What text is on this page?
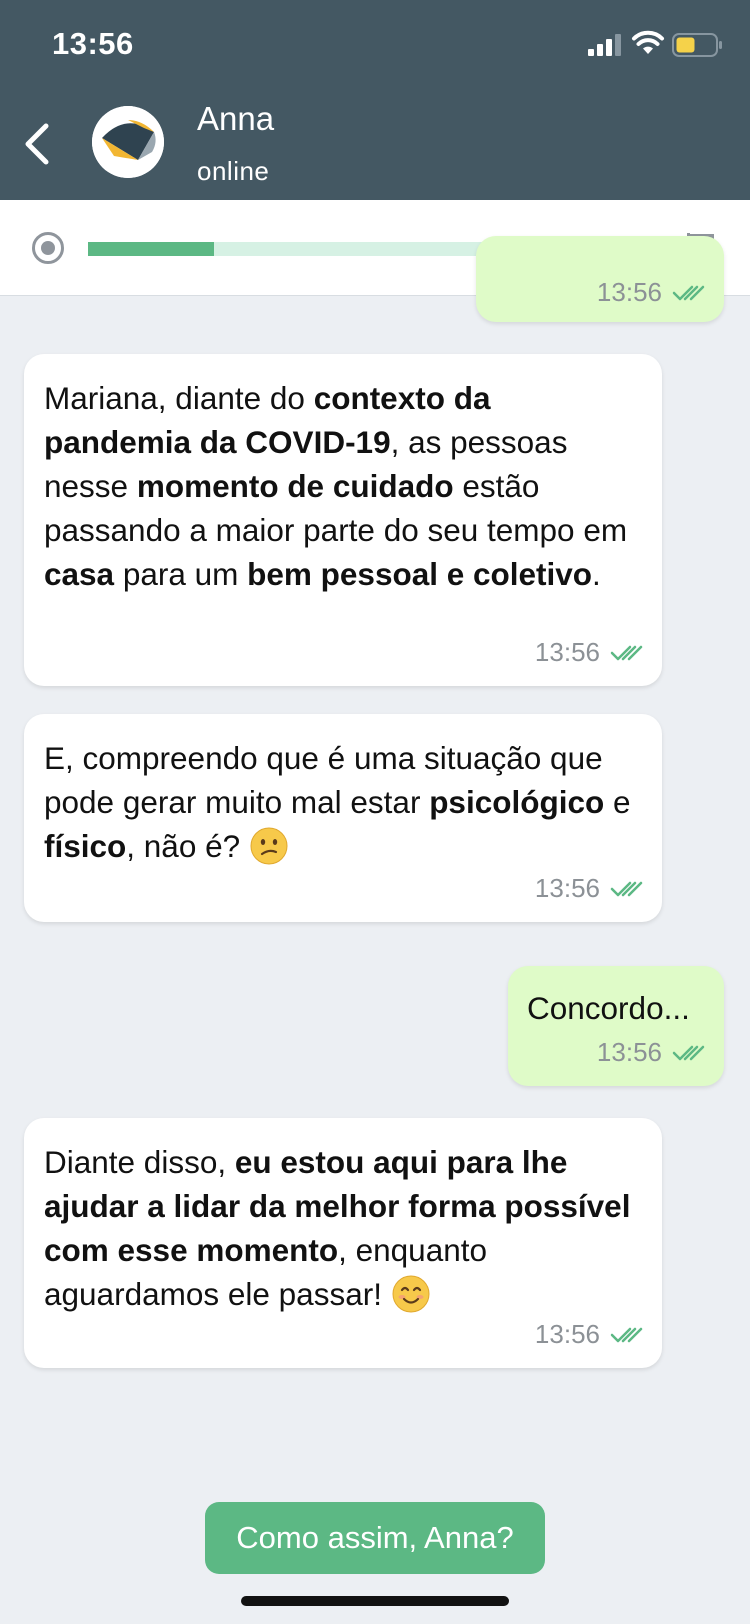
13:56
Anna
online
13:56
Mariana, diante do contexto da pandemia da COVID-19, as pessoas nesse momento de cuidado estão passando a maior parte do seu tempo em casa para um bem pessoal e coletivo.
13:56
E, compreendo que é uma situação que pode gerar muito mal estar psicológico e físico, não é?
13:56
Concordo...
13:56
Diante disso, eu estou aqui para lhe ajudar a lidar da melhor forma possível com esse momento, enquanto aguardamos ele passar!
13:56
Como assim, Anna?
